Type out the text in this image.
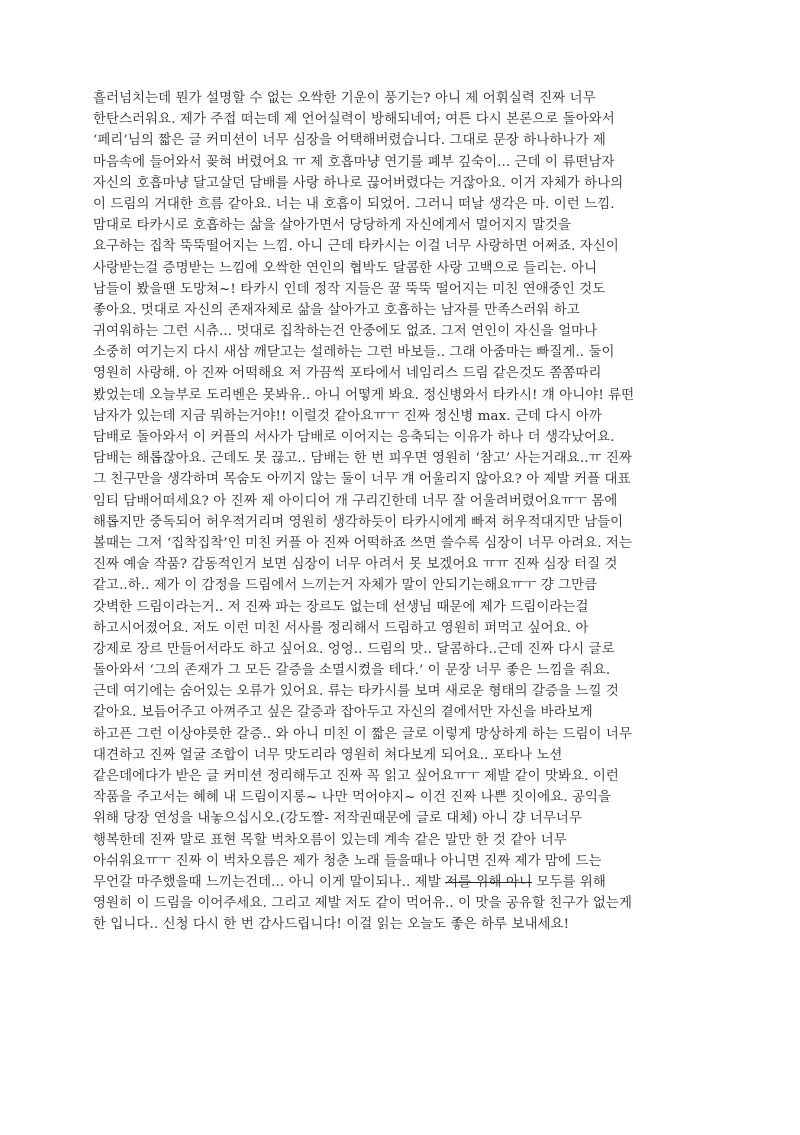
흘러넘치는데 뭔가 설명할 수 없는 오싹한 기운이 풍기는? 아니 제 어휘실력 진짜 너무
한탄스러워요. 제가 주접 떠는데 제 언어실력이 방해되네여; 여튼 다시 본론으로 돌아와서
‘페리’님의 짧은 글 커미션이 너무 심장을 어택해버렸습니다. 그대로 문장 하나하나가 제
마음속에 들어와서 꽂혀 버렸어요 ㅠ 제 호흡마냥 연기를 폐부 깊숙이... 근데 이 류떤남자
자신의 호흡마냥 달고살던 담배를 사랑 하나로 끊어버렸다는 거잖아요. 이거 자체가 하나의
이 드림의 거대한 흐름 같아요. 너는 내 호흡이 되었어. 그러니 떠날 생각은 마. 이런 느낌.
맘대로 타카시로 호흡하는 삶을 살아가면서 당당하게 자신에게서 멀어지지 말것을
요구하는 집착 뚝뚝떨어지는 느낌. 아니 근데 타카시는 이걸 너무 사랑하면 어쩌죠. 자신이
사랑받는걸 증명받는 느낌에 오싹한 연인의 협박도 달콤한 사랑 고백으로 들리는. 아니
남들이 봤을땐 도망쳐~! 타카시 인데 정작 지들은 꿀 뚝뚝 떨어지는 미친 연애중인 것도
좋아요. 멋대로 자신의 존재자체로 삶을 살아가고 호흡하는 남자를 만족스러워 하고
귀여워하는 그런 시츄... 멋대로 집착하는건 안중에도 없죠. 그저 연인이 자신을 얼마나
소중히 여기는지 다시 새삼 깨닫고는 설레하는 그런 바보들.. 그래 아줌마는 빠질게.. 둘이
영원히 사랑해. 아 진짜 어떡해요 저 가끔씩 포타에서 네임리스 드림 같은것도 쫌쫌따리
봤었는데 오늘부로 도리벤은 못봐유.. 아니 어떻게 봐요. 정신병와서 타카시! 걔 아니야! 류떤
남자가 있는데 지금 뭐하는거야!! 이럴것 같아요ㅠㅜ 진짜 정신병 max. 근데 다시 아까
담배로 돌아와서 이 커플의 서사가 담배로 이어지는 응축되는 이유가 하나 더 생각났어요.
담배는 해롭잖아요. 근데도 못 끊고.. 담배는 한 번 피우면 영원히 ‘참고’ 사는거래요..ㅠ 진짜
그 친구만을 생각하며 목숨도 아끼지 않는 둘이 너무 걔 어울리지 않아요? 아 제발 커플 대표
임티 담배어떠세요? 아 진짜 제 아이디어 개 구리긴한데 너무 잘 어울려버렸어요ㅠㅜ 몸에
해롭지만 중독되어 허우적거리며 영원히 생각하듯이 타카시에게 빠져 허우적대지만 남들이
볼때는 그저 ‘집착집착’인 미친 커플 아 진짜 어떡하죠 쓰면 쓸수록 심장이 너무 아려요. 저는
진짜 예술 작품? 감동적인거 보면 심장이 너무 아려서 못 보겠어요 ㅠㅠ 진짜 심장 터질 것
같고..하.. 제가 이 감정을 드림에서 느끼는거 자체가 말이 안되기는해요ㅠㅜ 걍 그만큼
갓벽한 드림이라는거.. 저 진짜 파는 장르도 없는데 선생님 때문에 제가 드림이라는걸
하고시어졌어요. 저도 이런 미친 서사를 정리해서 드림하고 영원히 퍼먹고 싶어요. 아
강제로 장르 만들어서라도 하고 싶어요. 엉엉.. 드림의 맛.. 달콤하다..근데 진짜 다시 글로
돌아와서 ‘그의 존재가 그 모든 갈증을 소멸시켰을 테다.’ 이 문장 너무 좋은 느낌을 줘요.
근데 여기에는 숨어있는 오류가 있어요. 류는 타카시를 보며 새로운 형태의 갈증을 느낄 것
같아요. 보듬어주고 아껴주고 싶은 갈증과 잡아두고 자신의 곁에서만 자신을 바라보게
하고픈 그런 이상야릇한 갈증.. 와 아니 미친 이 짧은 글로 이렇게 망상하게 하는 드림이 너무
대견하고 진짜 얼굴 조합이 너무 맛도리라 영원히 쳐다보게 되어요.. 포타나 노션
같은데에다가 받은 글 커미션 정리해두고 진짜 꼭 읽고 싶어요ㅠㅜ 제발 같이 맛봐요. 이런
작품을 주고서는 혜혜 내 드림이지롱~ 나만 먹어야지~ 이건 진짜 나쁜 짓이에요. 공익을
위해 당장 연성을 내놓으십시오.(강도짤- 저작권때문에 글로 대체) 아니 걍 너무너무
행복한데 진짜 말로 표현 목할 벅차오름이 있는데 계속 같은 말만 한 것 같아 너무
아쉬워요ㅠㅜ 진짜 이 벅차오름은 제가 청춘 노래 들을때나 아니면 진짜 제가 맘에 드는
무언갈 마주했을때 느끼는건데... 아니 이게 말이되나.. 제발 저를 위해 아니 모두를 위해
영원히 이 드림을 이어주세요. 그리고 제발 저도 같이 먹어유.. 이 맛을 공유할 친구가 없는게
한 입니다.. 신청 다시 한 번 감사드립니다! 이걸 읽는 오늘도 좋은 하루 보내세요!
